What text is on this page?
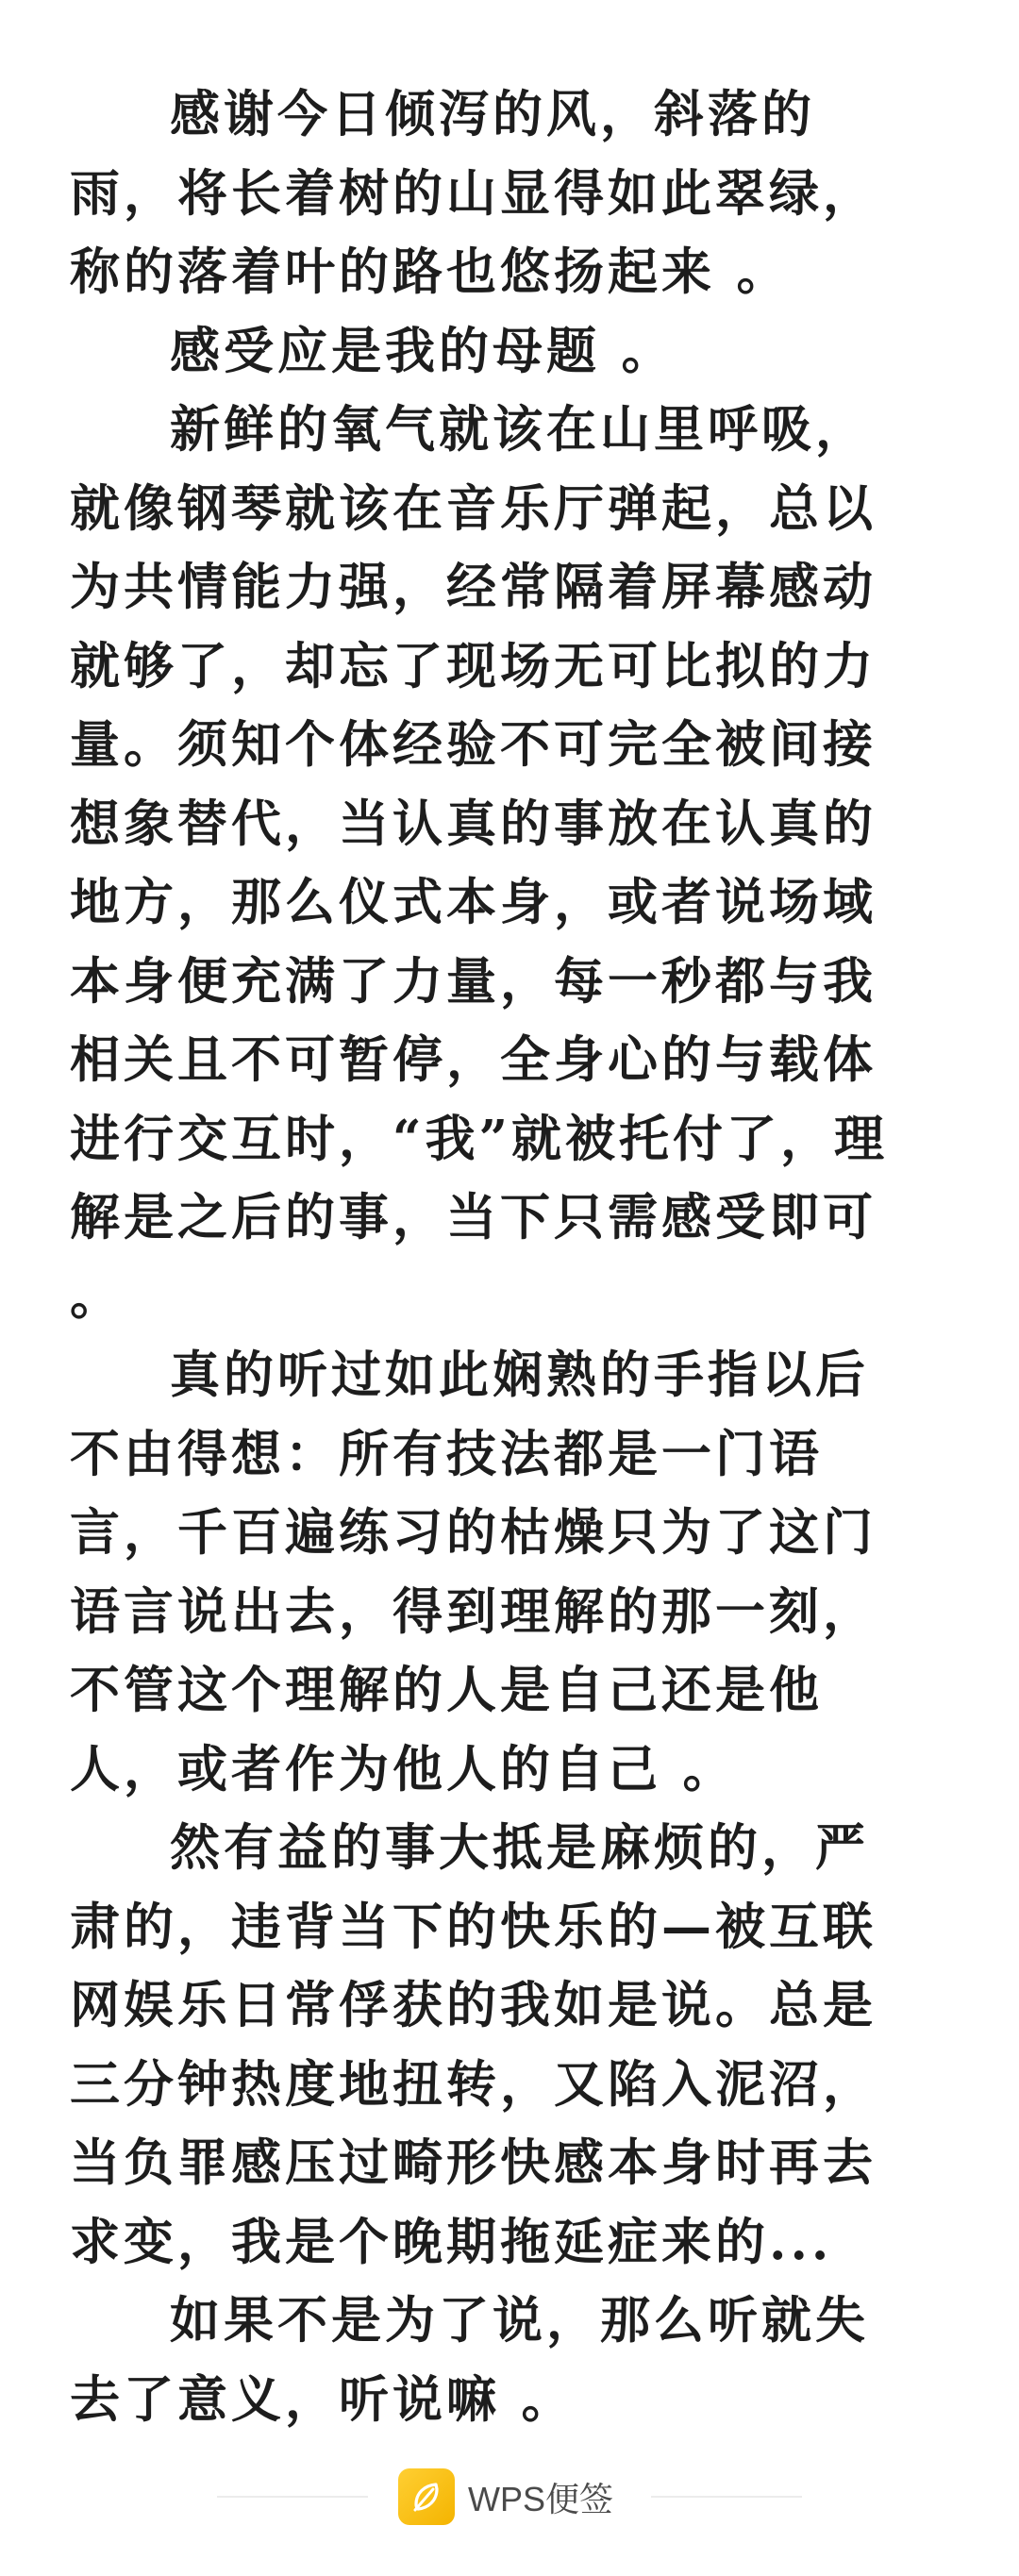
感谢今日倾泻的风，斜落的雨，将长着树的山显得如此翠绿，称的落着叶的路也悠扬起来 。

感受应是我的母题 。

新鲜的氧气就该在山里呼吸，就像钢琴就该在音乐厅弹起，总以为共情能力强，经常隔着屏幕感动就够了，却忘了现场无可比拟的力量。须知个体经验不可完全被间接想象替代，当认真的事放在认真的地方，那么仪式本身，或者说场域本身便充满了力量，每一秒都与我相关且不可暂停，全身心的与载体进行交互时，“我”就被托付了，理解是之后的事，当下只需感受即可 。

真的听过如此娴熟的手指以后不由得想：所有技法都是一门语言，千百遍练习的枯燥只为了这门语言说出去，得到理解的那一刻，不管这个理解的人是自己还是他人，或者作为他人的自己 。

然有益的事大抵是麻烦的，严肃的，违背当下的快乐的—被互联网娱乐日常俘获的我如是说。总是三分钟热度地扭转，又陷入泥沼，当负罪感压过畸形快感本身时再去求变，我是个晚期拖延症来的...

如果不是为了说，那么听就失去了意义，听说嘛 。

WPS便签
